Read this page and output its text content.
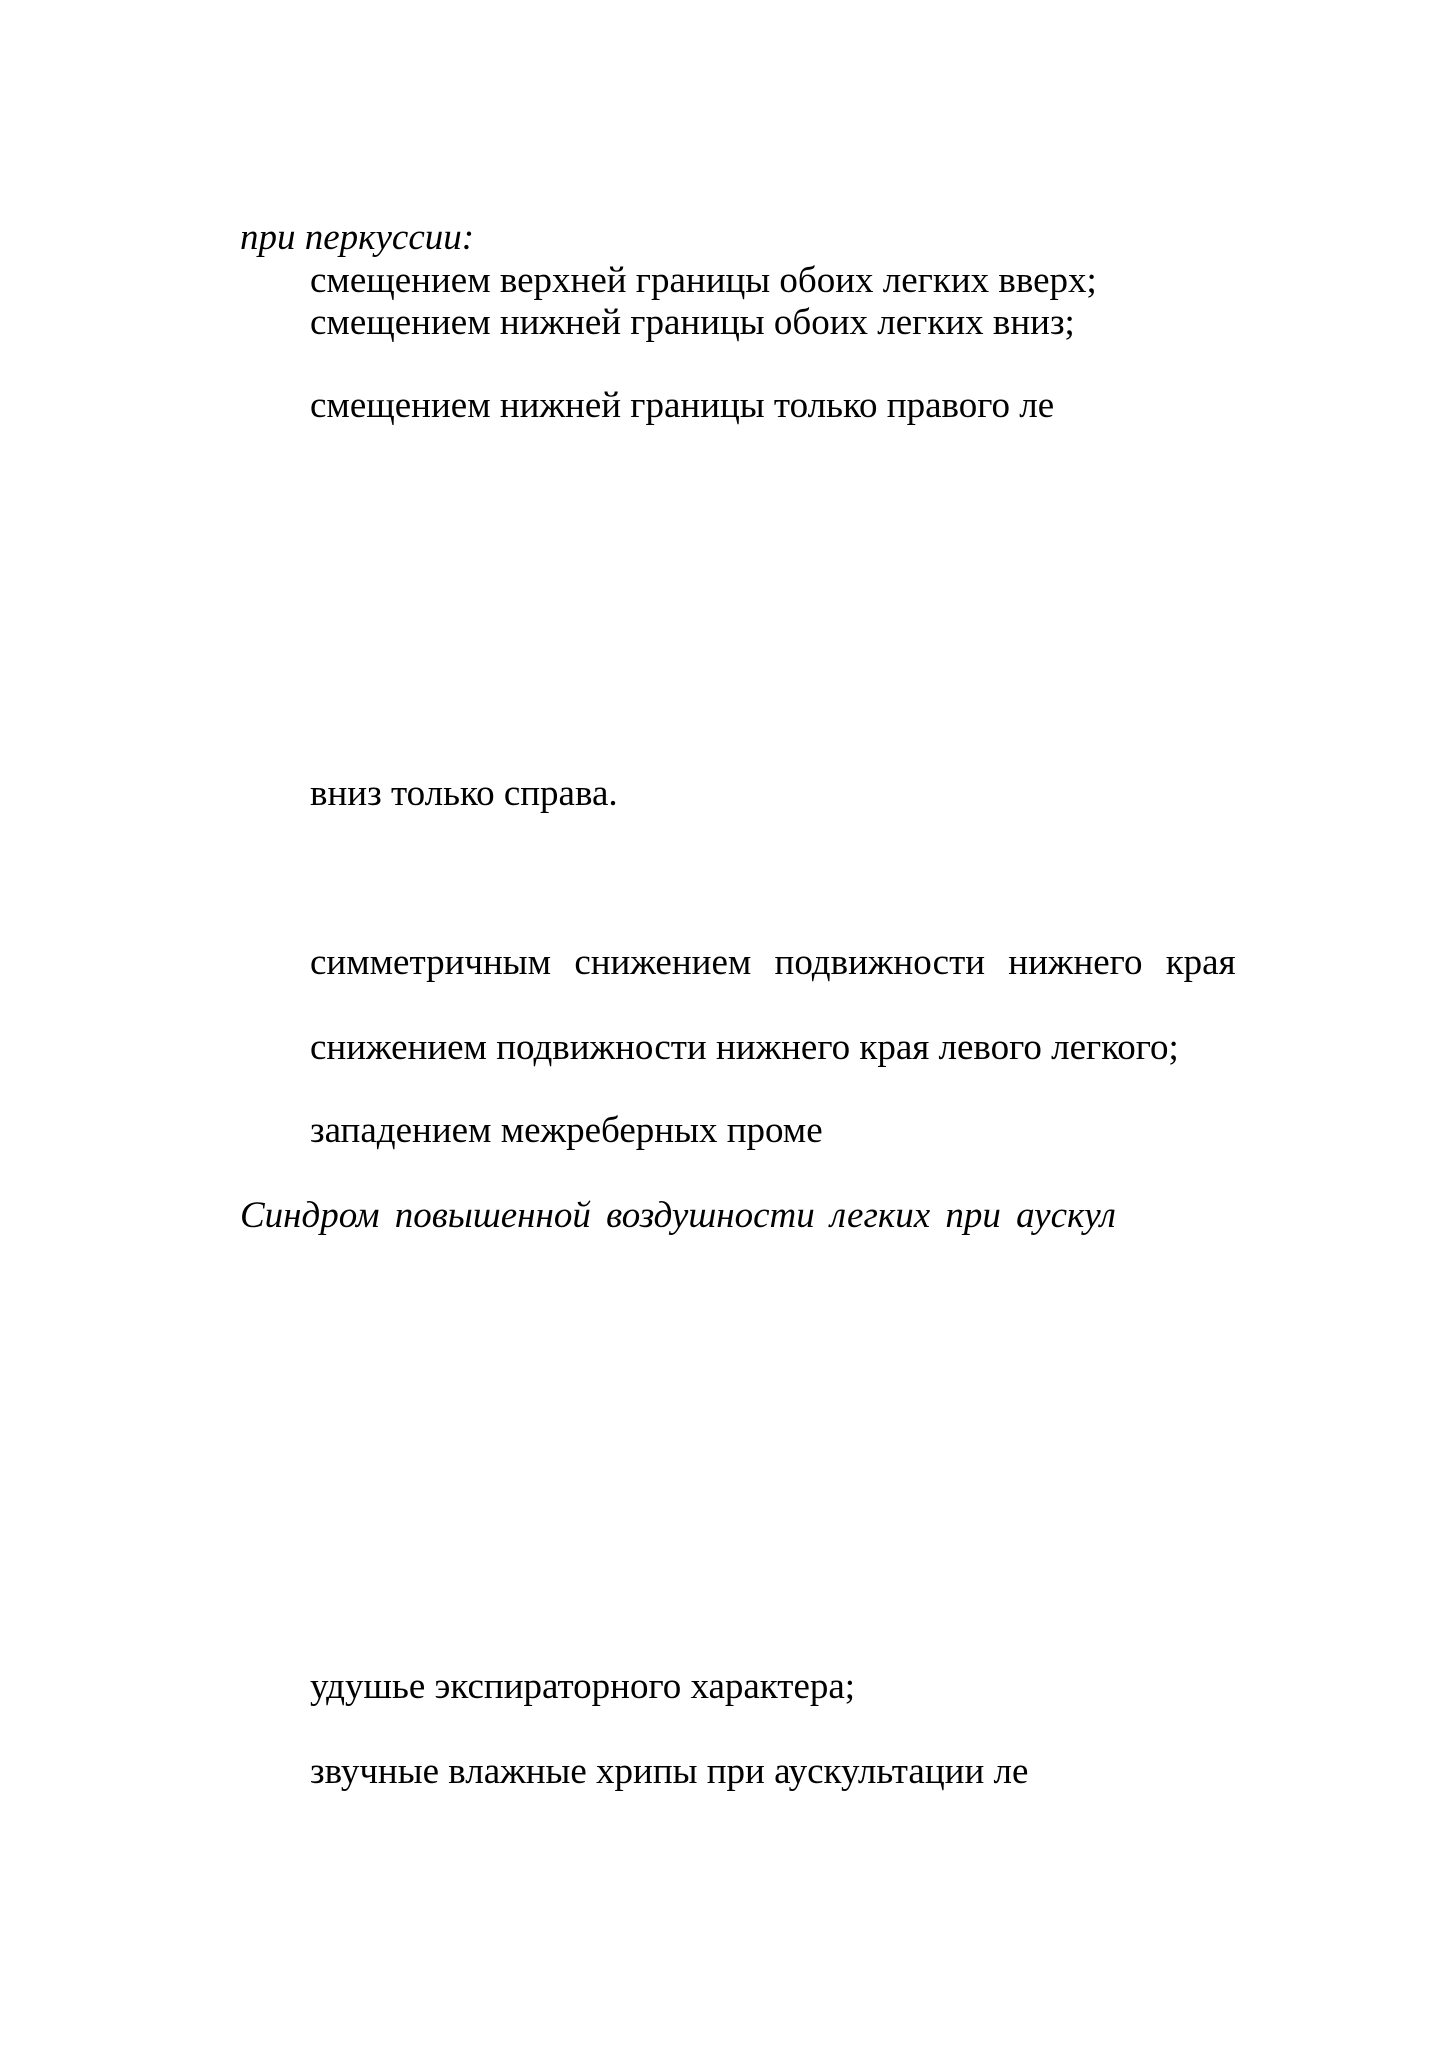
при перкуссии:
смещением верхней границы обоих легких вверх;
смещением нижней границы обоих легких вниз;
смещением нижней границы только правого ле
вниз только справа.
симметричным снижением подвижности нижнего края
снижением подвижности нижнего края левого легкого;
западением межреберных проме
Синдром повышенной воздушности легких при аускул
удушье экспираторного характера;
звучные влажные хрипы при аускультации ле
